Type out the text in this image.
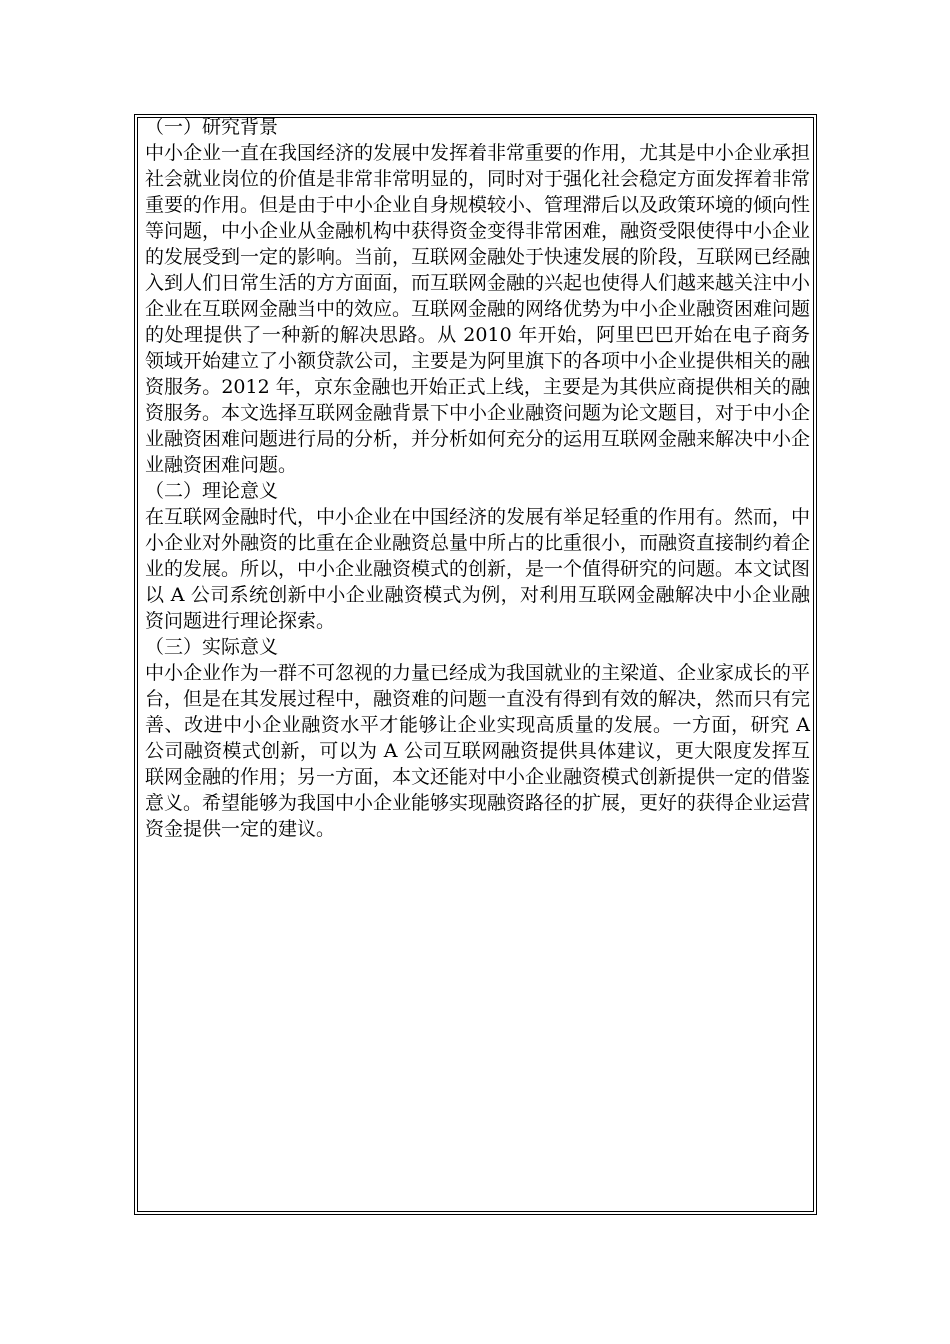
（一）研究背景

中小企业一直在我国经济的发展中发挥着非常重要的作用，尤其是中小企业承担社会就业岗位的价值是非常非常明显的，同时对于强化社会稳定方面发挥着非常重要的作用。但是由于中小企业自身规模较小、管理滞后以及政策环境的倾向性等问题，中小企业从金融机构中获得资金变得非常困难，融资受限使得中小企业的发展受到一定的影响。当前，互联网金融处于快速发展的阶段，互联网已经融入到人们日常生活的方方面面，而互联网金融的兴起也使得人们越来越关注中小企业在互联网金融当中的效应。互联网金融的网络优势为中小企业融资困难问题的处理提供了一种新的解决思路。从 2010 年开始，阿里巴巴开始在电子商务领域开始建立了小额贷款公司，主要是为阿里旗下的各项中小企业提供相关的融资服务。2012 年，京东金融也开始正式上线，主要是为其供应商提供相关的融资服务。本文选择互联网金融背景下中小企业融资问题为论文题目，对于中小企业融资困难问题进行局的分析，并分析如何充分的运用互联网金融来解决中小企业融资困难问题。

（二）理论意义

在互联网金融时代，中小企业在中国经济的发展有举足轻重的作用有。然而，中小企业对外融资的比重在企业融资总量中所占的比重很小，而融资直接制约着企业的发展。所以，中小企业融资模式的创新，是一个值得研究的问题。本文试图以 A 公司系统创新中小企业融资模式为例，对利用互联网金融解决中小企业融资问题进行理论探索。

（三）实际意义

中小企业作为一群不可忽视的力量已经成为我国就业的主梁道、企业家成长的平台，但是在其发展过程中，融资难的问题一直没有得到有效的解决，然而只有完善、改进中小企业融资水平才能够让企业实现高质量的发展。一方面，研究 A 公司融资模式创新，可以为 A 公司互联网融资提供具体建议，更大限度发挥互联网金融的作用；另一方面，本文还能对中小企业融资模式创新提供一定的借鉴意义。希望能够为我国中小企业能够实现融资路径的扩展，更好的获得企业运营资金提供一定的建议。
